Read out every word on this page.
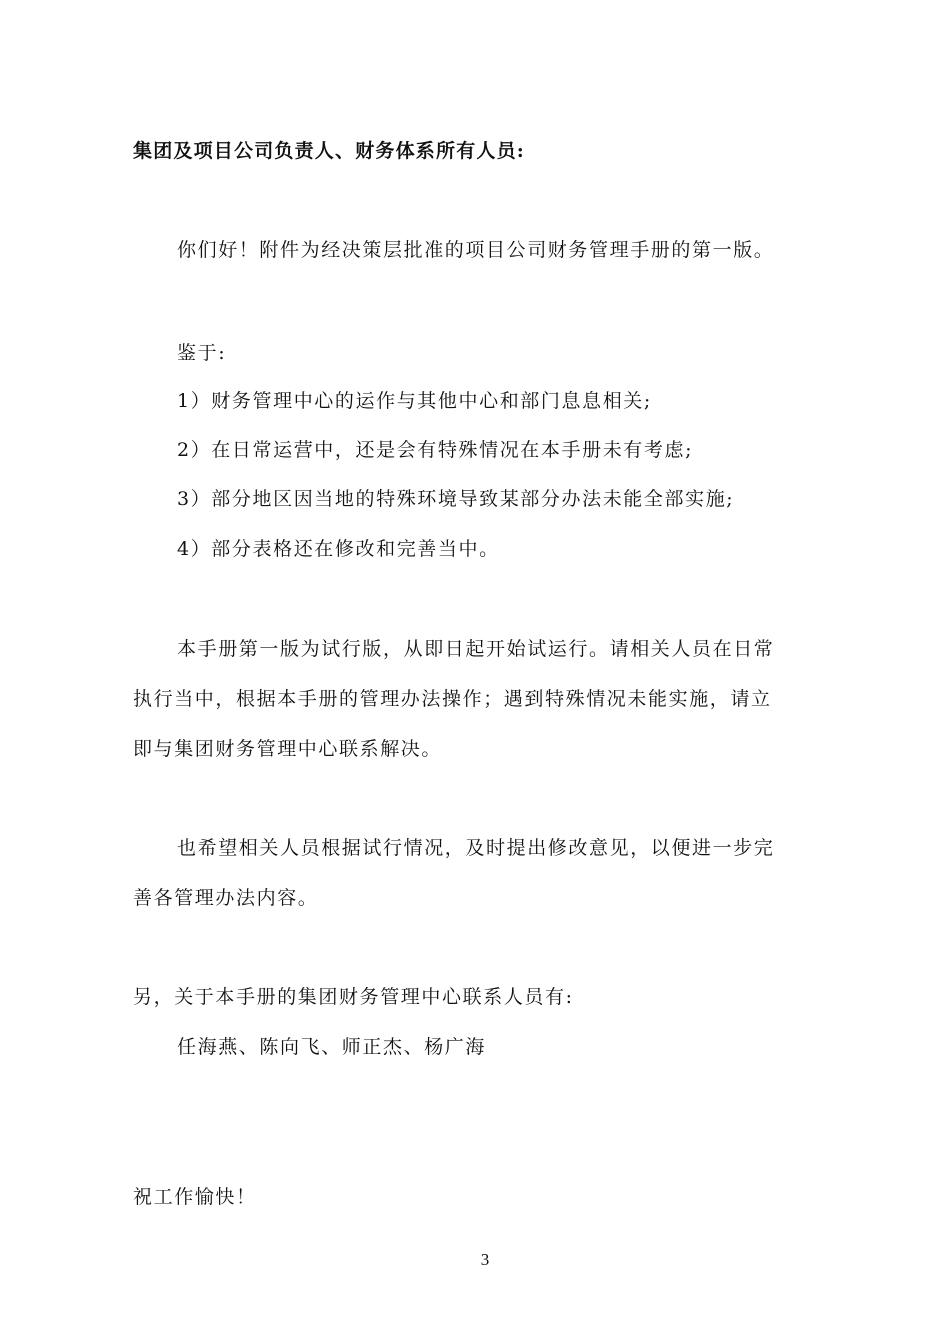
集团及项目公司负责人、财务体系所有人员:
你们好！附件为经决策层批准的项目公司财务管理手册的第一版。
鉴于:
1）财务管理中心的运作与其他中心和部门息息相关;
2）在日常运营中，还是会有特殊情况在本手册未有考虑;
3）部分地区因当地的特殊环境导致某部分办法未能全部实施;
4）部分表格还在修改和完善当中。
本手册第一版为试行版，从即日起开始试运行。请相关人员在日常
执行当中，根据本手册的管理办法操作；遇到特殊情况未能实施，请立
即与集团财务管理中心联系解决。
也希望相关人员根据试行情况，及时提出修改意见，以便进一步完
善各管理办法内容。
另，关于本手册的集团财务管理中心联系人员有:
任海燕、陈向飞、师正杰、杨广海
祝工作愉快！
3
